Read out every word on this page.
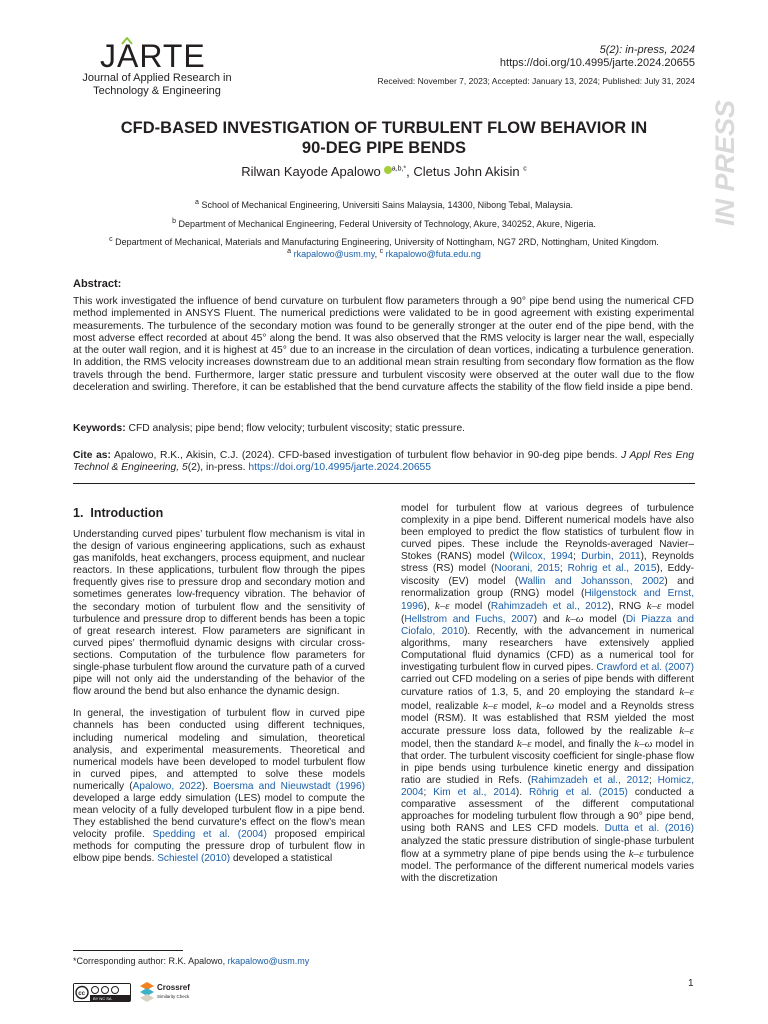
JARTE
Journal of Applied Research in Technology & Engineering
5(2): in-press, 2024
https://doi.org/10.4995/jarte.2024.20655
Received: November 7, 2023; Accepted: January 13, 2024; Published: July 31, 2024
IN PRESS
CFD-BASED INVESTIGATION OF TURBULENT FLOW BEHAVIOR IN
90-DEG PIPE BENDS
Rilwan Kayode Apalowo $^{a,b,*}$, Cletus John Akisin $^c$
$^a$ School of Mechanical Engineering, Universiti Sains Malaysia, 14300, Nibong Tebal, Malaysia.
$^b$ Department of Mechanical Engineering, Federal University of Technology, Akure, 340252, Akure, Nigeria.
$^c$ Department of Mechanical, Materials and Manufacturing Engineering, University of Nottingham, NG7 2RD, Nottingham, United Kingdom.
$^a$ rkapalowo@usm.my, $^c$ rkapalowo@futa.edu.ng
Abstract:
This work investigated the influence of bend curvature on turbulent flow parameters through a 90° pipe bend using the numerical CFD method implemented in ANSYS Fluent. The numerical predictions were validated to be in good agreement with existing experimental measurements. The turbulence of the secondary motion was found to be generally stronger at the outer end of the pipe bend, with the most adverse effect recorded at about 45° along the bend. It was also observed that the RMS velocity is larger near the wall, especially at the outer wall region, and it is highest at 45° due to an increase in the circulation of dean vortices, indicating a turbulence generation. In addition, the RMS velocity increases downstream due to an additional mean strain resulting from secondary flow formation as the flow travels through the bend. Furthermore, larger static pressure and turbulent viscosity were observed at the outer wall due to the flow deceleration and swirling. Therefore, it can be established that the bend curvature affects the stability of the flow field inside a pipe bend.
Keywords: CFD analysis; pipe bend; flow velocity; turbulent viscosity; static pressure.
Cite as: Apalowo, R.K., Akisin, C.J. (2024). CFD-based investigation of turbulent flow behavior in 90-deg pipe bends. J Appl Res Eng Technol & Engineering, 5(2), in-press. https://doi.org/10.4995/jarte.2024.20655
1. Introduction

Understanding curved pipes’ turbulent flow mechanism is vital in the design of various engineering applications, such as exhaust gas manifolds, heat exchangers, process equipment, and nuclear reactors. In these applications, turbulent flow through the pipes frequently gives rise to pressure drop and secondary motion and sometimes generates low-frequency vibration. The behavior of the secondary motion of turbulent flow and the sensitivity of turbulence and pressure drop to different bends has been a topic of great research interest. Flow parameters are significant in curved pipes’ thermofluid dynamic designs with circular cross-sections. Computation of the turbulence flow parameters for single-phase turbulent flow around the curvature path of a curved pipe will not only aid the understanding of the behavior of the flow around the bend but also enhance the dynamic design.

In general, the investigation of turbulent flow in curved pipe channels has been conducted using different techniques, including numerical modeling and simulation, theoretical analysis, and experimental measurements. Theoretical and numerical models have been developed to model turbulent flow in curved pipes, and attempted to solve these models numerically (Apalowo, 2022). Boersma and Nieuwstadt (1996) developed a large eddy simulation (LES) model to compute the mean velocity of a fully developed turbulent flow in a pipe bend. They established the bend curvature's effect on the flow’s mean velocity profile. Spedding et al. (2004) proposed empirical methods for computing the pressure drop of turbulent flow in elbow pipe bends. Schiestel (2010) developed a statistical

model for turbulent flow at various degrees of turbulence complexity in a pipe bend. Different numerical models have also been employed to predict the flow statistics of turbulent flow in curved pipes. These include the Reynolds-averaged Navier–Stokes (RANS) model (Wilcox, 1994; Durbin, 2011), Reynolds stress (RS) model (Noorani, 2015; Rohrig et al., 2015), Eddy-viscosity (EV) model (Wallin and Johansson, 2002) and renormalization group (RNG) model (Hilgenstock and Ernst, 1996), k–ε model (Rahimzadeh et al., 2012), RNG k–ε model (Hellstrom and Fuchs, 2007) and k–ω model (Di Piazza and Ciofalo, 2010). Recently, with the advancement in numerical algorithms, many researchers have extensively applied Computational fluid dynamics (CFD) as a numerical tool for investigating turbulent flow in curved pipes. Crawford et al. (2007) carried out CFD modeling on a series of pipe bends with different curvature ratios of 1.3, 5, and 20 employing the standard k–ε model, realizable k–ε model, k–ω model and a Reynolds stress model (RSM). It was established that RSM yielded the most accurate pressure loss data, followed by the realizable k–ε model, then the standard k–ε model, and finally the k–ω model in that order. The turbulent viscosity coefficient for single-phase flow in pipe bends using turbulence kinetic energy and dissipation ratio are studied in Refs. (Rahimzadeh et al., 2012; Homicz, 2004; Kim et al., 2014). Röhrig et al. (2015) conducted a comparative assessment of the different computational approaches for modeling turbulent flow through a 90° pipe bend, using both RANS and LES CFD models. Dutta et al. (2016) analyzed the static pressure distribution of single-phase turbulent flow at a symmetry plane of pipe bends using the k–ε turbulence model. The performance of the different numerical models varies with the discretization

*Corresponding author: R.K. Apalowo, rkapalowo@usm.my
cc
BY NC SA
Crossref
Similarity Check
1
